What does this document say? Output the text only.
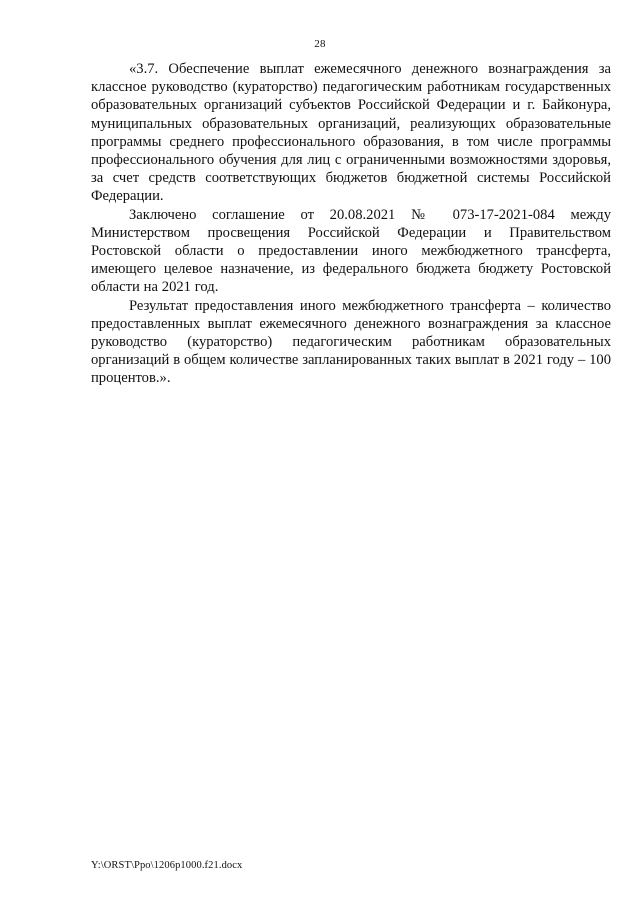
28

«3.7. Обеспечение выплат ежемесячного денежного вознаграждения за классное руководство (кураторство) педагогическим работникам государственных образовательных организаций субъектов Российской Федерации и г. Байконура, муниципальных образовательных организаций, реализующих образовательные программы среднего профессионального образования, в том числе программы профессионального обучения для лиц с ограниченными возможностями здоровья, за счет средств соответствующих бюджетов бюджетной системы Российской Федерации.

Заключено соглашение от 20.08.2021 № 073-17-2021-084 между Министерством просвещения Российской Федерации и Правительством Ростовской области о предоставлении иного межбюджетного трансферта, имеющего целевое назначение, из федерального бюджета бюджету Ростовской области на 2021 год.

Результат предоставления иного межбюджетного трансферта – количество предоставленных выплат ежемесячного денежного вознаграждения за классное руководство (кураторство) педагогическим работникам образовательных организаций в общем количестве запланированных таких выплат в 2021 году – 100 процентов.».

Y:\ORST\Ppo\1206p1000.f21.docx
